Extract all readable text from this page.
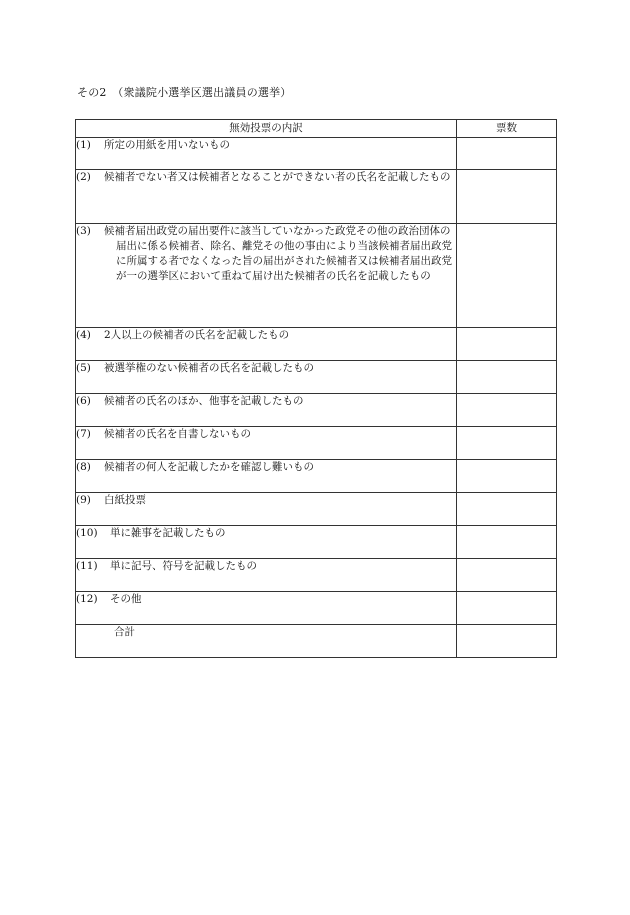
その2　（衆議院小選挙区選出議員の選挙）
無効投票の内訳	票数

(1) 所定の用紙を用いないもの	

(2) 候補者でない者又は候補者となることができない者の氏名を記載したもの	

(3) 候補者届出政党の届出要件に該当していなかった政党その他の政治団体の届出に係る候補者、除名、離党その他の事由により当該候補者届出政党に所属する者でなくなった旨の届出がされた候補者又は候補者届出政党が一の選挙区において重ねて届け出た候補者の氏名を記載したもの	

(4) 2人以上の候補者の氏名を記載したもの	

(5) 被選挙権のない候補者の氏名を記載したもの	

(6) 候補者の氏名のほか、他事を記載したもの	

(7) 候補者の氏名を自書しないもの	

(8) 候補者の何人を記載したかを確認し難いもの	

(9) 白紙投票	

(10) 単に雑事を記載したもの	

(11) 単に記号、符号を記載したもの	

(12) その他	

合計	
